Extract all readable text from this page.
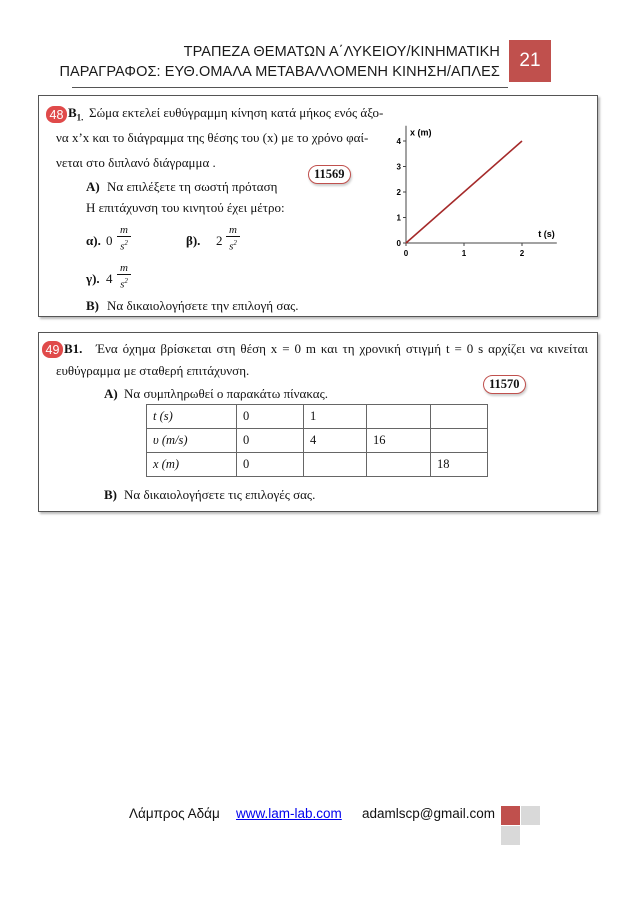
ΤΡΑΠΕΖΑ ΘΕΜΑΤΩΝ Α΄ΛΥΚΕΙΟΥ/ΚΙΝΗΜΑΤΙΚΗ
ΠΑΡΑΓΡΑΦΟΣ: ΕΥΘ.ΟΜΑΛΑ ΜΕΤΑΒΑΛΛΟΜΕΝΗ ΚΙΝΗΣΗ/ΑΠΛΕΣ
21
48 $B_{1.}$ Σώμα εκτελεί ευθύγραμμη κίνηση κατά μήκος ενός άξο-
να x’x και το διάγραμμα της θέσης του (x) με το χρόνο φαί-
νεται στο διπλανό διάγραμμα .
Α) Να επιλέξετε τη σωστή πρόταση
11569
Η επιτάχυνση του κινητού έχει μέτρο:
α). $0 \frac{m}{s^2}$	β). $2 \frac{m}{s^2}$
γ). $4 \frac{m}{s^2}$
Β) Να δικαιολογήσετε την επιλογή σας.
x (m)
t (s)
0	1	2
0
1
2
3
4
49 Β1. Ένα όχημα βρίσκεται στη θέση x = 0 m και τη χρονική στιγμή t = 0 s αρχίζει να κινείται
ευθύγραμμα με σταθερή επιτάχυνση.
Α) Να συμπληρωθεί ο παρακάτω πίνακας.
11570
t (s)	0	1		
υ (m/s)	0	4	16	
x (m)	0			18
Β) Να δικαιολογήσετε τις επιλογές σας.
Λάμπρος Αδάμ www.lam-lab.com adamlscp@gmail.com
